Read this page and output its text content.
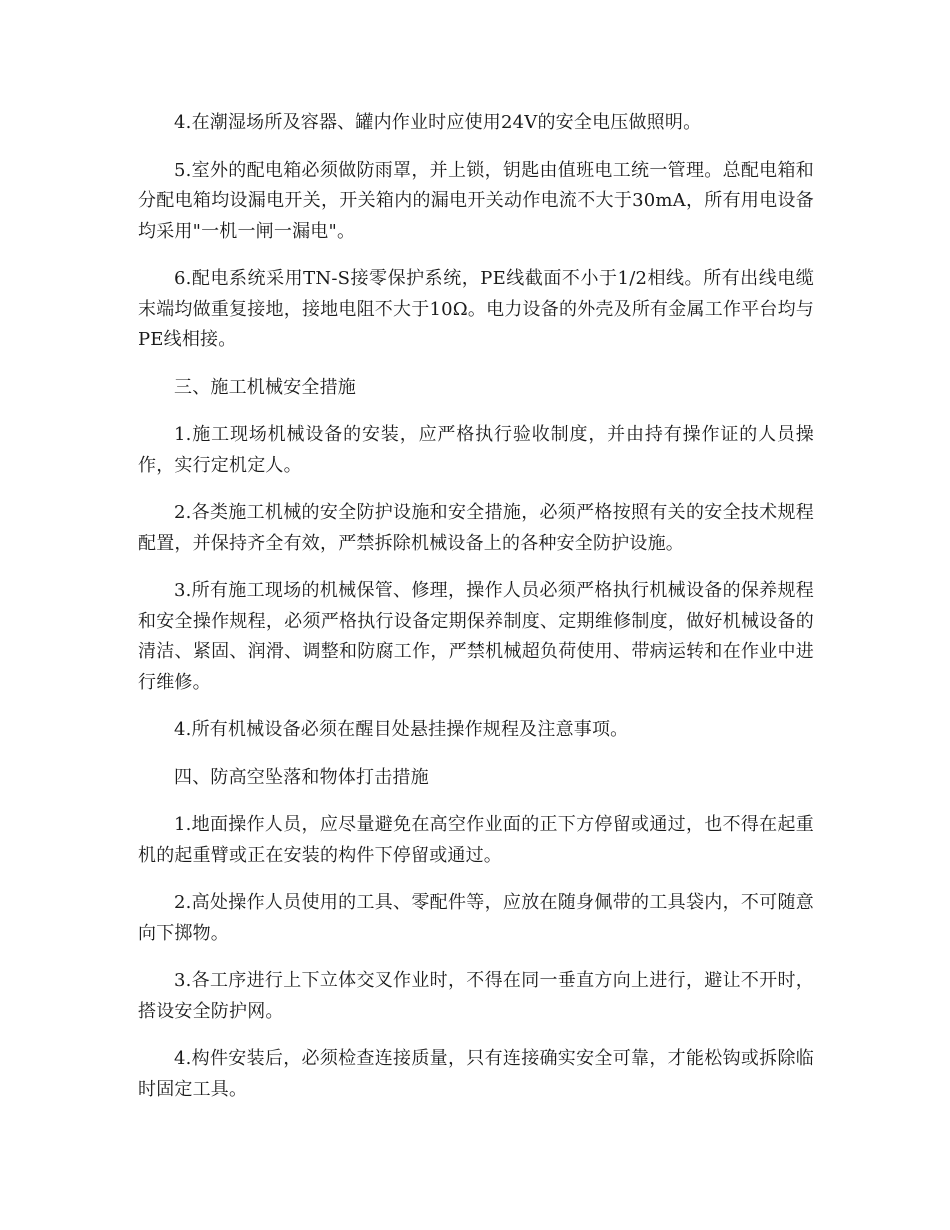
4.在潮湿场所及容器、罐内作业时应使用24V的安全电压做照明。

5.室外的配电箱必须做防雨罩，并上锁，钥匙由值班电工统一管理。总配电箱和分配电箱均设漏电开关，开关箱内的漏电开关动作电流不大于30mA，所有用电设备均采用"一机一闸一漏电"。

6.配电系统采用TN-S接零保护系统，PE线截面不小于1/2相线。所有出线电缆末端均做重复接地，接地电阻不大于10Ω。电力设备的外壳及所有金属工作平台均与PE线相接。

三、施工机械安全措施

1.施工现场机械设备的安装，应严格执行验收制度，并由持有操作证的人员操作，实行定机定人。

2.各类施工机械的安全防护设施和安全措施，必须严格按照有关的安全技术规程配置，并保持齐全有效，严禁拆除机械设备上的各种安全防护设施。

3.所有施工现场的机械保管、修理，操作人员必须严格执行机械设备的保养规程和安全操作规程，必须严格执行设备定期保养制度、定期维修制度，做好机械设备的清洁、紧固、润滑、调整和防腐工作，严禁机械超负荷使用、带病运转和在作业中进行维修。

4.所有机械设备必须在醒目处悬挂操作规程及注意事项。

四、防高空坠落和物体打击措施

1.地面操作人员，应尽量避免在高空作业面的正下方停留或通过，也不得在起重机的起重臂或正在安装的构件下停留或通过。

2.高处操作人员使用的工具、零配件等，应放在随身佩带的工具袋内，不可随意向下掷物。

3.各工序进行上下立体交叉作业时，不得在同一垂直方向上进行，避让不开时，搭设安全防护网。

4.构件安装后，必须检查连接质量，只有连接确实安全可靠，才能松钩或拆除临时固定工具。
